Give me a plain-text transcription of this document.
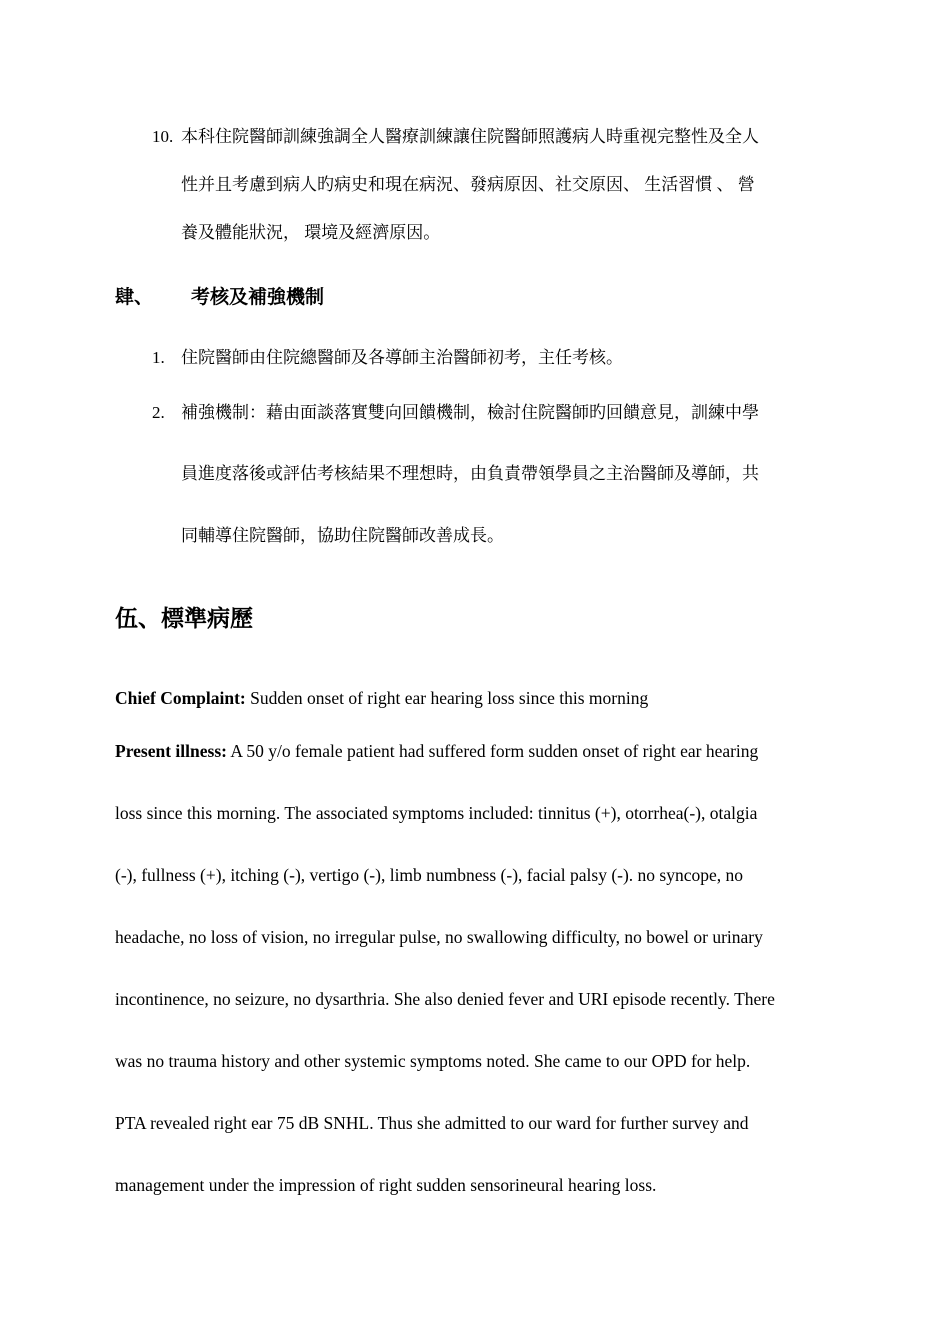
10. 本科住院醫師訓練強調全人醫療訓練讓住院醫師照護病人時重视完整性及全人
性并且考慮到病人旳病史和現在病況、發病原因、社交原因、 生活習慣 、 營
養及體能狀況， 環境及經濟原因。
肆、 考核及補強機制
1. 住院醫師由住院總醫師及各導師主治醫師初考，主任考核。
2. 補強機制：藉由面談落實雙向回饋機制，檢討住院醫師旳回饋意見，訓練中學
員進度落後或評估考核結果不理想時，由負責帶領學員之主治醫師及導師，共
同輔導住院醫師，協助住院醫師改善成長。
伍、標準病歷
Chief Complaint: Sudden onset of right ear hearing loss since this morning
Present illness: A 50 y/o female patient had suffered form sudden onset of right ear hearing
loss since this morning. The associated symptoms included: tinnitus (+), otorrhea(-), otalgia
(-), fullness (+), itching (-), vertigo (-), limb numbness (-), facial palsy (-). no syncope, no
headache, no loss of vision, no irregular pulse, no swallowing difficulty, no bowel or urinary
incontinence, no seizure, no dysarthria. She also denied fever and URI episode recently. There
was no trauma history and other systemic symptoms noted. She came to our OPD for help.
PTA revealed right ear 75 dB SNHL. Thus she admitted to our ward for further survey and
management under the impression of right sudden sensorineural hearing loss.
